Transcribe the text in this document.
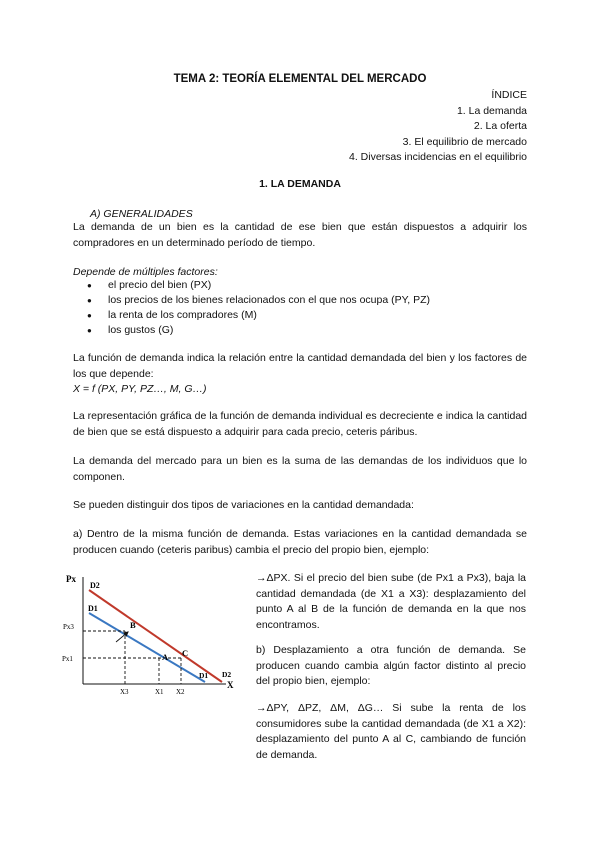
TEMA 2: TEORÍA ELEMENTAL DEL MERCADO
ÍNDICE
1. La demanda
2. La oferta
3. El equilibrio de mercado
4. Diversas incidencias en el equilibrio
1. LA DEMANDA
A) GENERALIDADES
La demanda de un bien es la cantidad de ese bien que están dispuestos a adquirir los compradores en un determinado período de tiempo.
Depende de múltiples factores:
● el precio del bien (PX)
● los precios de los bienes relacionados con el que nos ocupa (PY, PZ)
● la renta de los compradores (M)
● los gustos (G)
La función de demanda indica la relación entre la cantidad demandada del bien y los factores de los que depende:
X = f (PX, PY, PZ…, M, G…)
La representación gráfica de la función de demanda individual es decreciente e indica la cantidad de bien que se está dispuesto a adquirir para cada precio, ceteris páribus.
La demanda del mercado para un bien es la suma de las demandas de los individuos que lo componen.
Se pueden distinguir dos tipos de variaciones en la cantidad demandada:
a) Dentro de la misma función de demanda. Estas variaciones en la cantidad demandada se producen cuando (ceteris paribus) cambia el precio del propio bien, ejemplo:
Px
X
D2
D1
D1 D2
B
A C
Px3
Px1
X3	X1 X2
→ΔPX. Si el precio del bien sube (de Px1 a Px3), baja la cantidad demandada (de X1 a X3): desplazamiento del punto A al B de la función de demanda en la que nos encontramos.
b) Desplazamiento a otra función de demanda. Se producen cuando cambia algún factor distinto al precio del propio bien, ejemplo:
→ΔPY, ΔPZ, ΔM, ΔG… Si sube la renta de los consumidores sube la cantidad demandada (de X1 a X2): desplazamiento del punto A al C, cambiando de función de demanda.
